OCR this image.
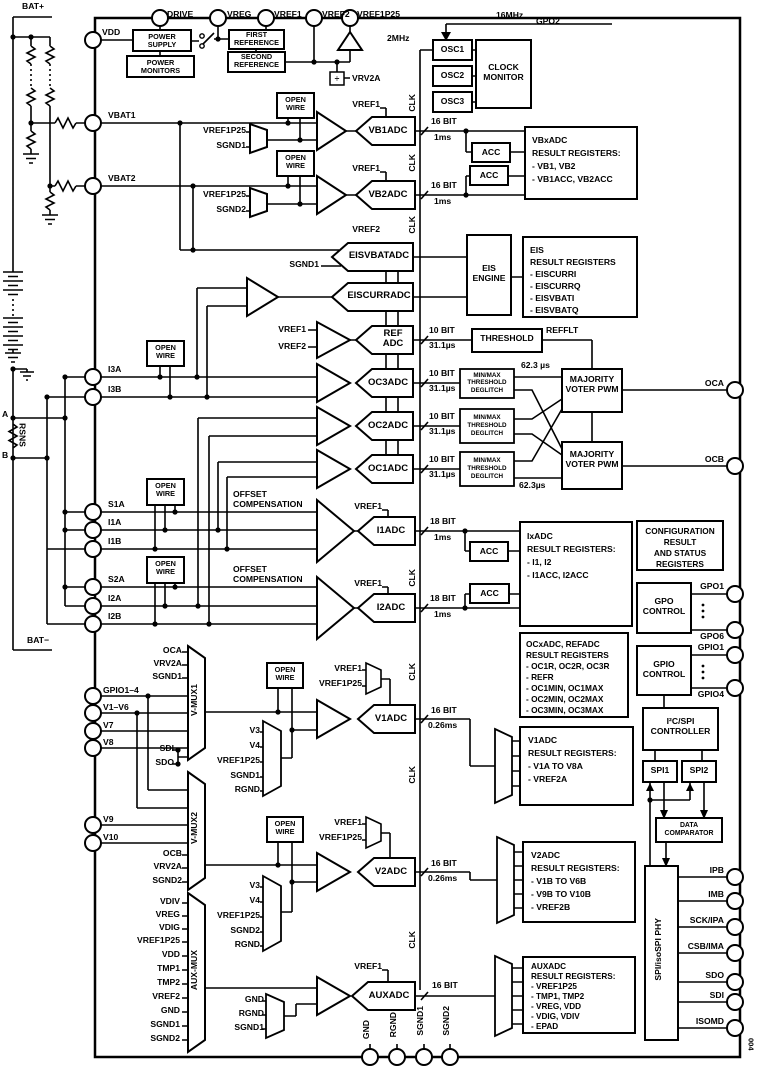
BAT+
BAT−
A
B
RSNS
DRIVE	VREG	VREF1 VREF2 VREF1P25
VDD	POWER SUPPLY
POWER MONITORS
FIRST REFERENCE
SECOND REFERENCE
÷	VRV2A
16MHz
GPO2
2MHz
OSC1
OSC2
OSC3
CLOCK MONITOR
CLK
CLK
CLK
CLK
CLK
CLK
CLK
VBAT1
VBAT2
OPEN WIRE
OPEN WIRE
VREF1P25
SGND1
VREF1P25
SGND2
VREF1
VREF1
VB1ADC
VB2ADC
16 BIT
1ms
16 BIT
1ms
ACC
ACC
VBxADC
RESULT REGISTERS:
- VB1, VB2
- VB1ACC, VB2ACC
VREF2
SGND1
EISVBATADC
EISCURRADC
EIS ENGINE
EIS
RESULT REGISTERS
- EISCURRI
- EISCURRQ
- EISVBATI
- EISVBATQ
VREF1
VREF2
REF ADC
10 BIT
31.1µs
THRESHOLD
REFFLT
OPEN WIRE
I3A
I3B
OC3ADC
OC2ADC
OC1ADC
10 BIT
31.1µs
10 BIT
31.1µs
10 BIT
31.1µs
MIN/MAX
THRESHOLD
DEGLITCH
MIN/MAX
THRESHOLD
DEGLITCH
MIN/MAX
THRESHOLD
DEGLITCH
62.3 µs
62.3µs
MAJORITY VOTER PWM
MAJORITY VOTER PWM
OCA
OCB
S1A
I1A
I1B
S2A
I2A
I2B
OPEN WIRE
OPEN WIRE
OFFSET COMPENSATION
OFFSET COMPENSATION
VREF1
VREF1
I1ADC
I2ADC
18 BIT
1ms
18 BIT
1ms
ACC
ACC
IxADC
RESULT REGISTERS:
- I1, I2
- I1ACC, I2ACC
CONFIGURATION
RESULT
AND STATUS
REGISTERS
GPO CONTROL
GPO1
GPO6
OCxADC, REFADC
RESULT REGISTERS
- OC1R, OC2R, OC3R
- REFR
- OC1MIN, OC1MAX
- OC2MIN, OC2MAX
- OC3MIN, OC3MAX
GPIO CONTROL
GPIO1
GPIO4
I²C/SPI CONTROLLER
OCA
VRV2A
SGND1
GPIO1–4
V1–V6
V7
V8
SDI
SDO
V-MUX1
OPEN WIRE
VREF1
VREF1P25
V1ADC
V3
V4
VREF1P25
SGND1
RGND
16 BIT
0.26ms
V1ADC
RESULT REGISTERS:
- V1A TO V8A
- VREF2A
SPI1	SPI2
DATA COMPARATOR
SPI/isoSPI PHY
IPB
IMB
SCK/IPA
CSB/IMA
SDO
SDI
ISOMD
V9
V10	V-MUX2
OCB
VRV2A
SGND2
OPEN WIRE
VREF1
VREF1P25
V2ADC
V3
V4
VREF1P25
SGND2
RGND
16 BIT
0.26ms
V2ADC
RESULT REGISTERS:
- V1B TO V6B
- V9B TO V10B
- VREF2B
AUX-MUX
VDIV
VREG
VDIG
VREF1P25
VDD
TMP1
TMP2
VREF2
GND
SGND1
SGND2
GND
RGND
SGND1
VREF1
AUXADC
16 BIT
AUXADC
RESULT REGISTERS:
- VREF1P25
- TMP1, TMP2
- VREG, VDD
- VDIG, VDIV
- EPAD
GND RGND SGND1 SGND2
004
